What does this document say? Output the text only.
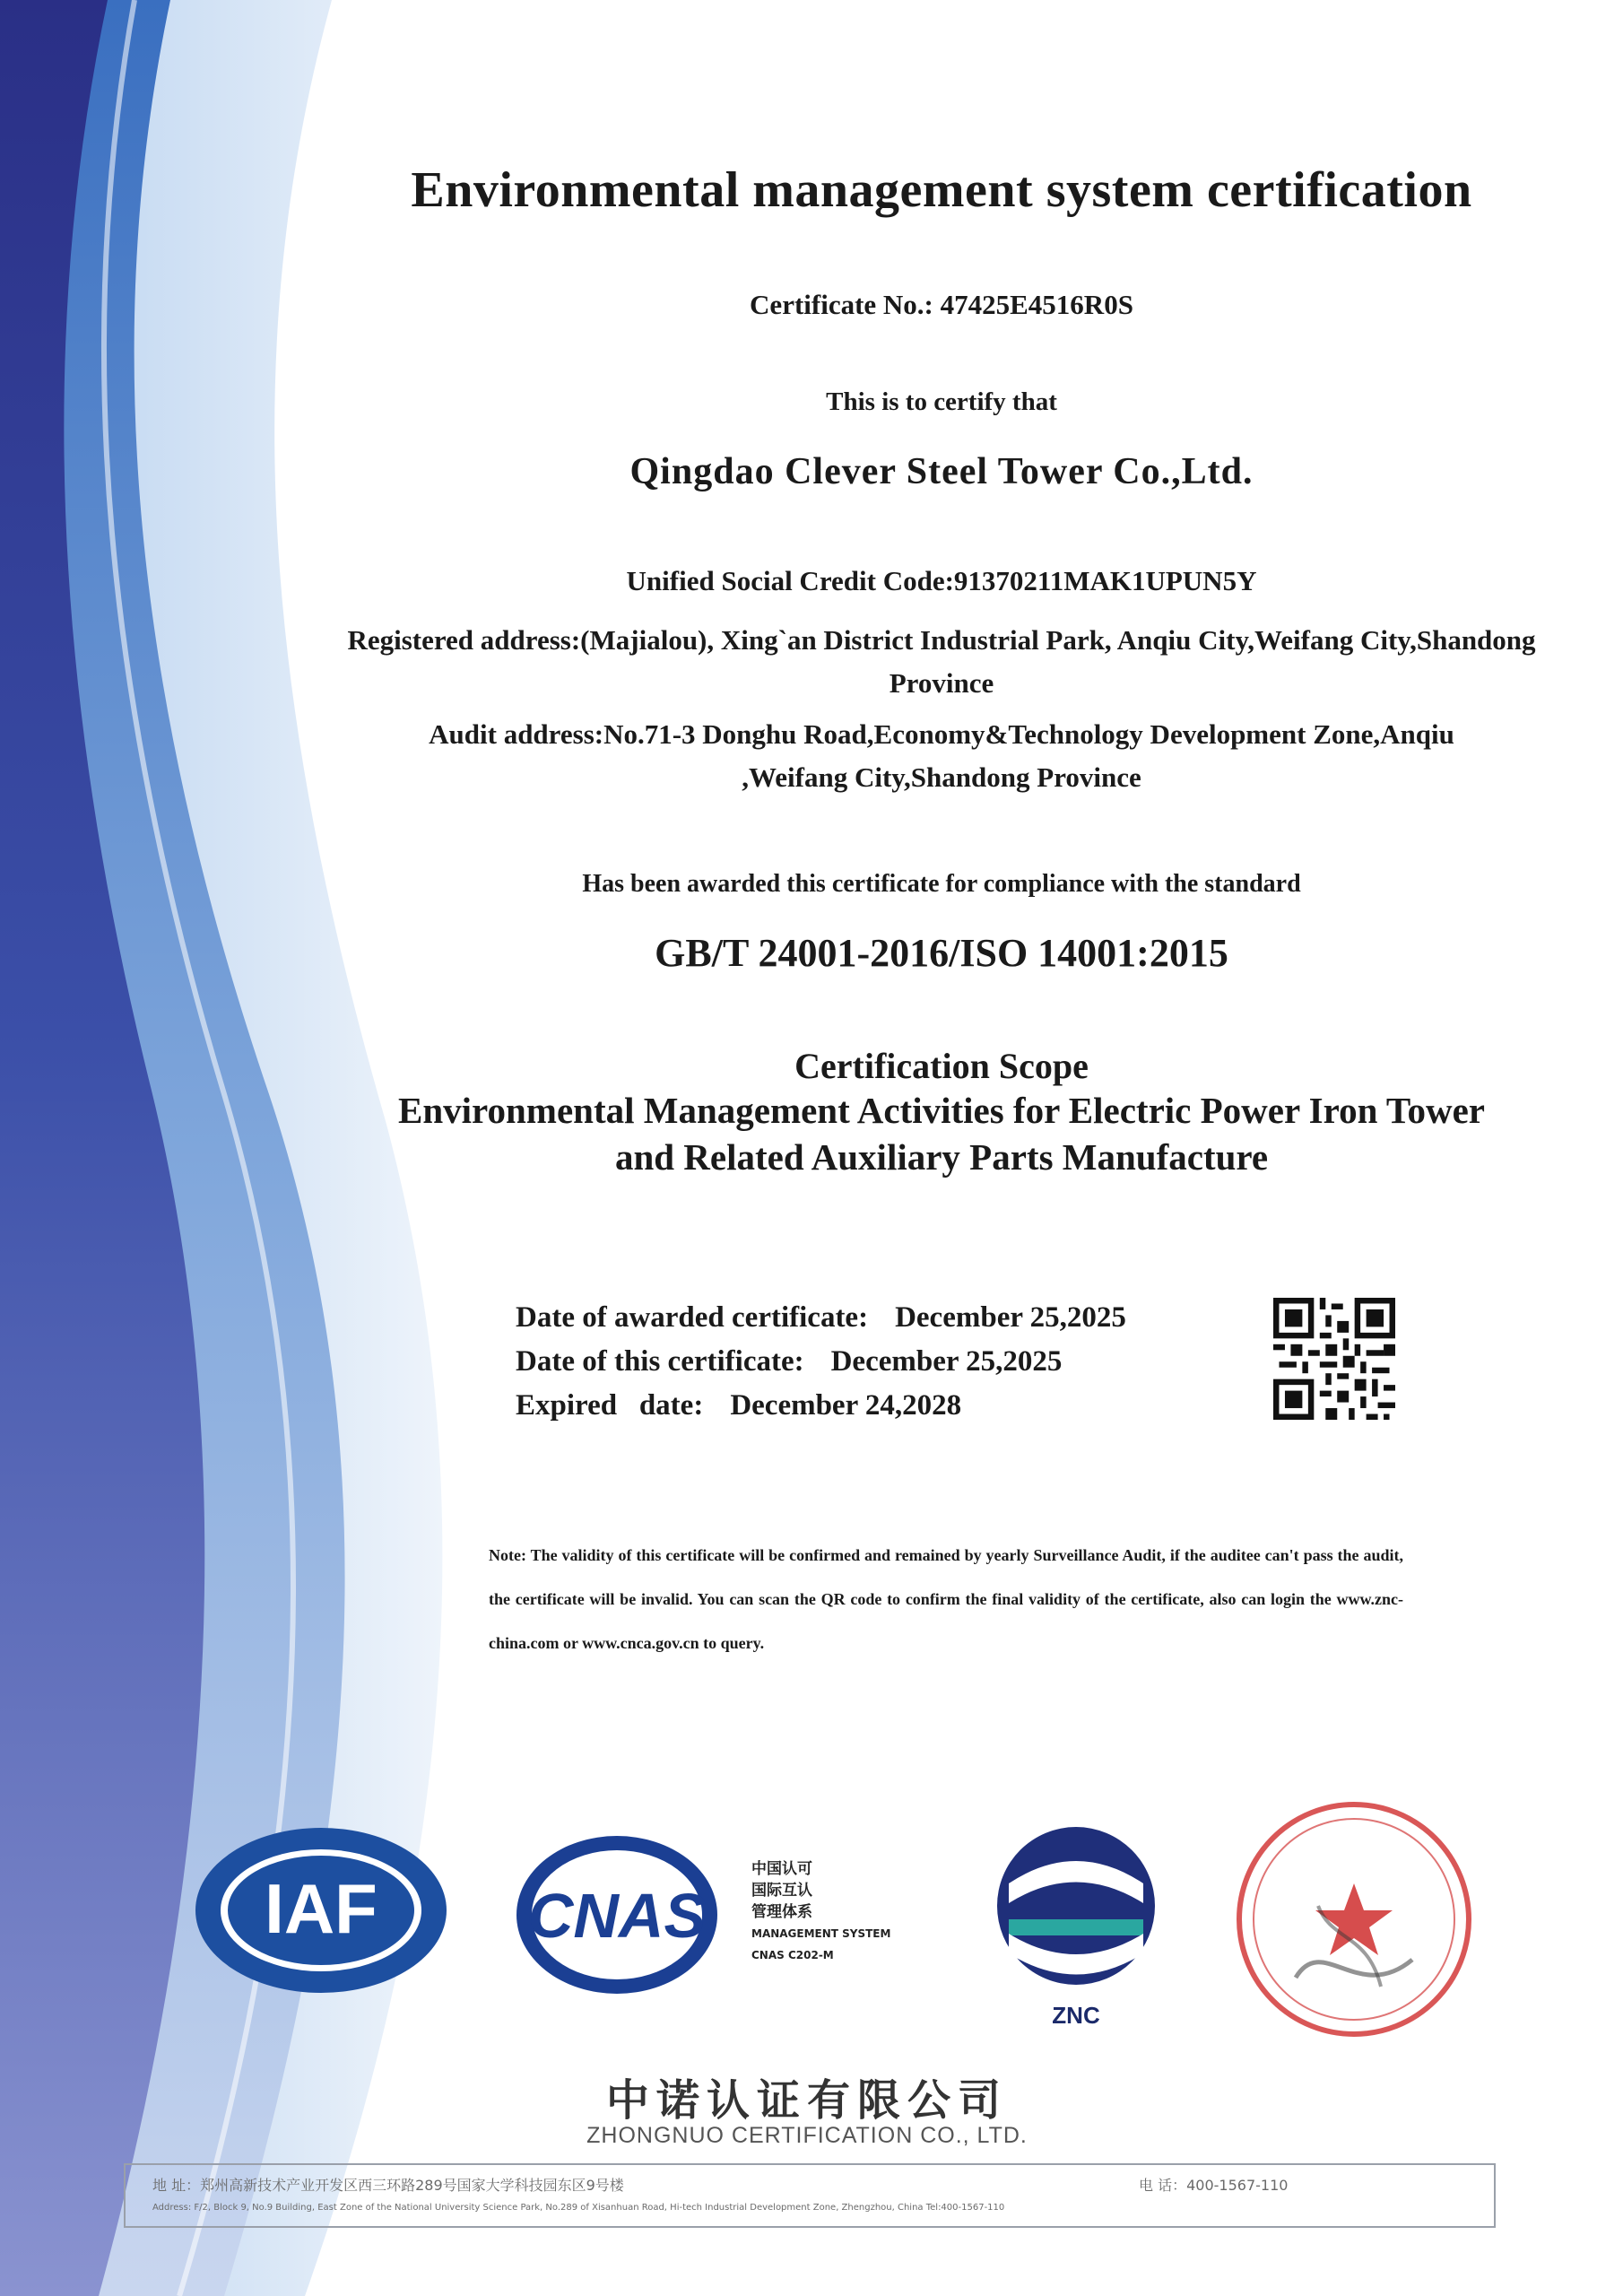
Environmental management system certification
Certificate No.: 47425E4516R0S
This is to certify that
Qingdao Clever Steel Tower Co.,Ltd.
Unified Social Credit Code:91370211MAK1UPUN5Y
Registered address:(Majialou), Xing`an District Industrial Park, Anqiu City,Weifang City,Shandong Province
Audit address:No.71-3 Donghu Road,Economy&Technology Development Zone,Anqiu ,Weifang City,Shandong Province
Has been awarded this certificate for compliance with the standard
GB/T 24001-2016/ISO 14001:2015
Certification Scope
Environmental Management Activities for Electric Power Iron Tower and Related Auxiliary Parts Manufacture
Date of awarded certificate: December 25,2025
Date of this certificate: December 25,2025
Expired   date: December 24,2028
Note: The validity of this certificate will be confirmed and remained by yearly Surveillance Audit, if the auditee can't pass the audit, the certificate will be invalid. You can scan the QR code to confirm the final validity of the certificate, also can login the www.znc-china.com or www.cnca.gov.cn to query.
IAF CNAS
中国认可
国际互认
管理体系
MANAGEMENT SYSTEM
CNAS C202-M
ZNC
中诺认证有限公司
ZHONGNUO CERTIFICATION CO., LTD.
地 址：郑州高新技术产业开发区西三环路289号国家大学科技园东区9号楼	电 话：400-1567-110
Address: F/2, Block 9, No.9 Building, East Zone of the National University Science Park, No.289 of Xisanhuan Road, Hi-tech Industrial Development Zone, Zhengzhou, China Tel:400-1567-110
